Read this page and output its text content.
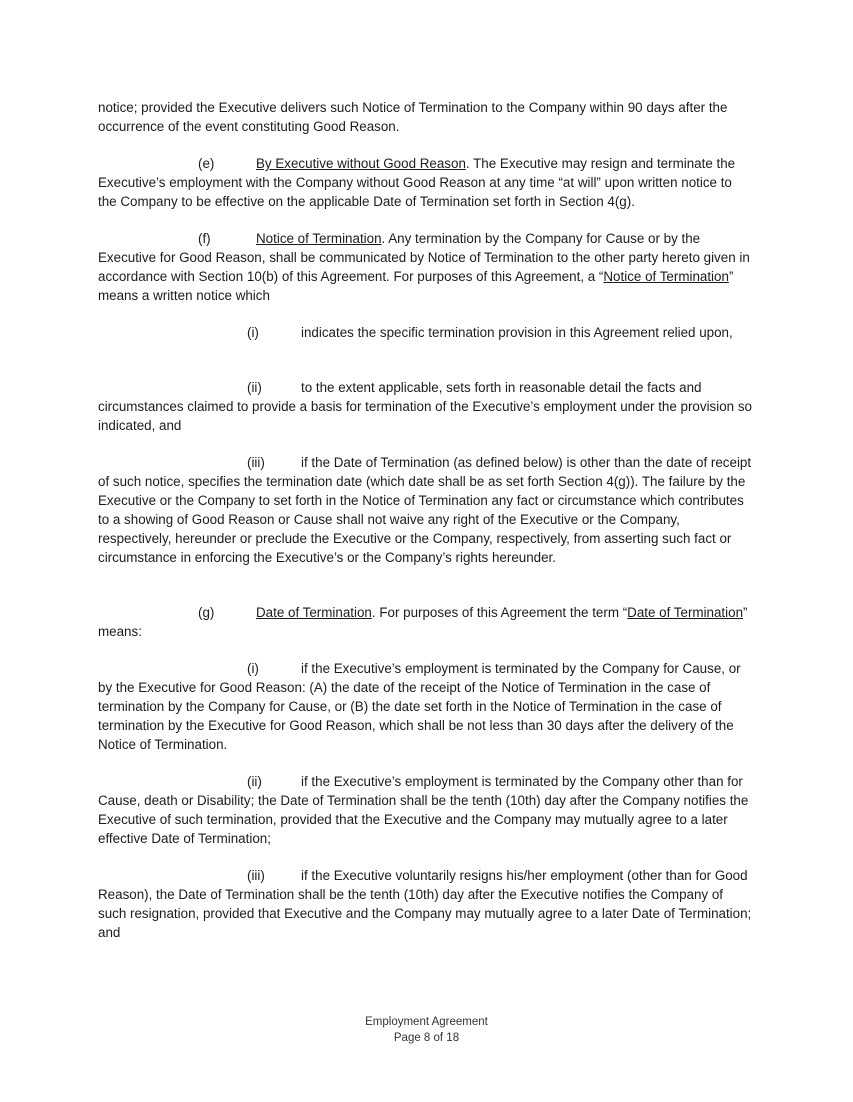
notice; provided the Executive delivers such Notice of Termination to the Company within 90 days after the occurrence of the event constituting Good Reason.

(e)	By Executive without Good Reason. The Executive may resign and terminate the Executive’s employment with the Company without Good Reason at any time “at will” upon written notice to the Company to be effective on the applicable Date of Termination set forth in Section 4(g).

(f)	Notice of Termination. Any termination by the Company for Cause or by the Executive for Good Reason, shall be communicated by Notice of Termination to the other party hereto given in accordance with Section 10(b) of this Agreement. For purposes of this Agreement, a “Notice of Termination” means a written notice which

(i)	indicates the specific termination provision in this Agreement relied upon,

(ii)	to the extent applicable, sets forth in reasonable detail the facts and circumstances claimed to provide a basis for termination of the Executive’s employment under the provision so indicated, and

(iii)	if the Date of Termination (as defined below) is other than the date of receipt of such notice, specifies the termination date (which date shall be as set forth Section 4(g)). The failure by the Executive or the Company to set forth in the Notice of Termination any fact or circumstance which contributes to a showing of Good Reason or Cause shall not waive any right of the Executive or the Company, respectively, hereunder or preclude the Executive or the Company, respectively, from asserting such fact or circumstance in enforcing the Executive’s or the Company’s rights hereunder.

(g)	Date of Termination. For purposes of this Agreement the term “Date of Termination” means:

(i)	if the Executive’s employment is terminated by the Company for Cause, or by the Executive for Good Reason: (A) the date of the receipt of the Notice of Termination in the case of termination by the Company for Cause, or (B) the date set forth in the Notice of Termination in the case of termination by the Executive for Good Reason, which shall be not less than 30 days after the delivery of the Notice of Termination.

(ii)	if the Executive’s employment is terminated by the Company other than for Cause, death or Disability; the Date of Termination shall be the tenth (10th) day after the Company notifies the Executive of such termination, provided that the Executive and the Company may mutually agree to a later effective Date of Termination;

(iii)	if the Executive voluntarily resigns his/her employment (other than for Good Reason), the Date of Termination shall be the tenth (10th) day after the Executive notifies the Company of such resignation, provided that Executive and the Company may mutually agree to a later Date of Termination; and

Employment Agreement
Page 8 of 18
